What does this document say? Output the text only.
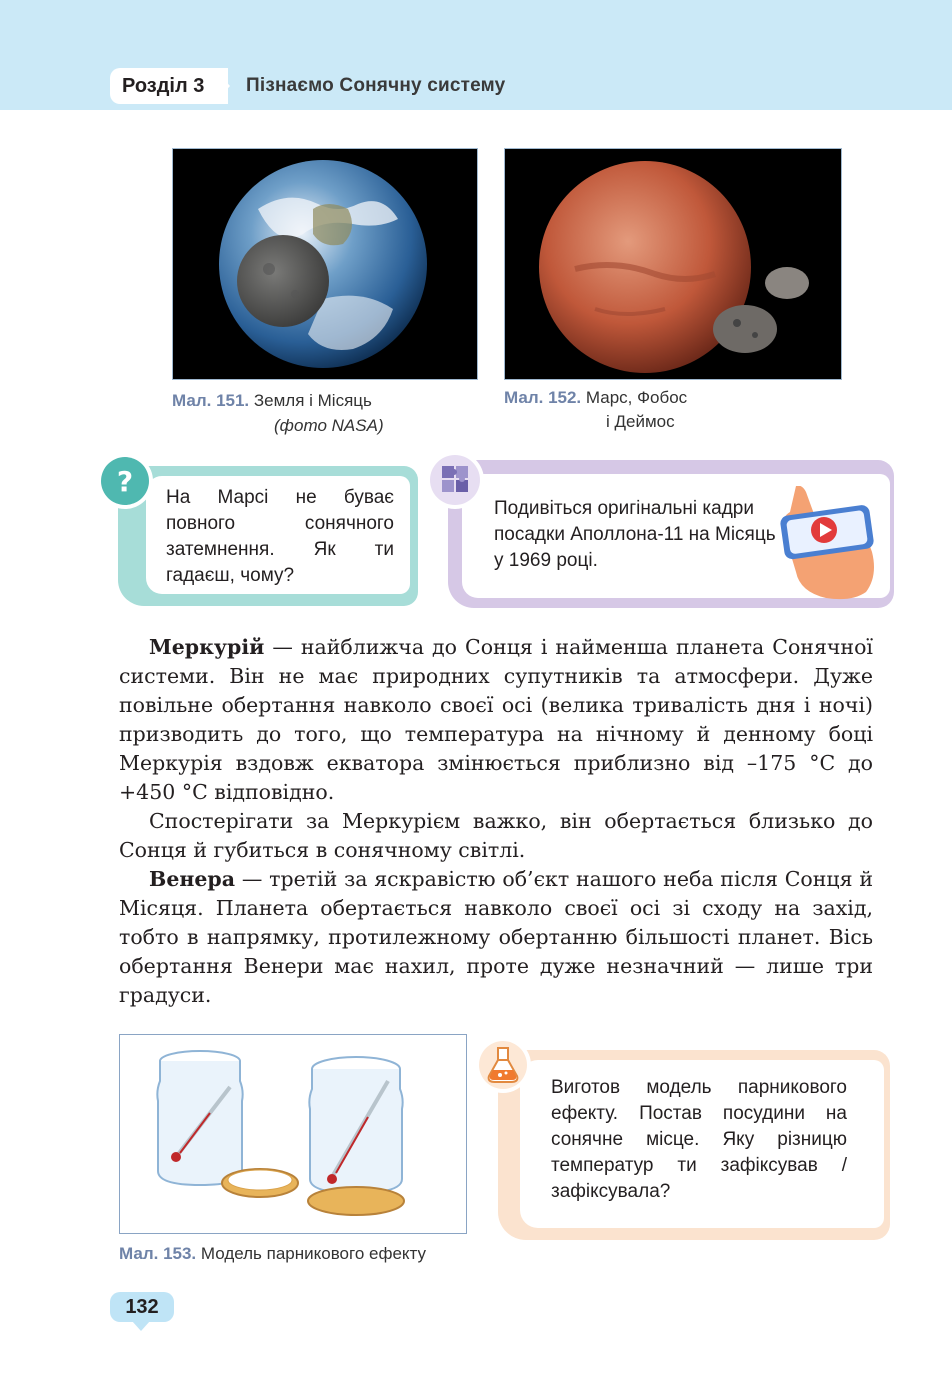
Розділ 3	Пізнаємо Сонячну систему
Мал. 151. Земля і Місяць
(фото NASA)
Мал. 152. Марс, Фобос
і Деймос
? На Марсі не буває повного сонячного затемнення. Як ти гадаєш, чому?
Подивіться оригінальні кадри посадки Аполлона-11 на Місяць у 1969 році.
Меркурій — найближча до Сонця і найменша планета Сонячної системи. Він не має природних супутників та атмосфери. Дуже повільне обертання навколо своєї осі (велика тривалість дня і ночі) призводить до того, що температура на нічному й денному боці Меркурія вздовж екватора змінюється приблизно від –175 °С до +450 °С відповідно.
Спостерігати за Меркурієм важко, він обертається близько до Сонця й губиться в сонячному світлі.
Венера — третій за яскравістю об’єкт нашого неба після Сонця й Місяця. Планета обертається навколо своєї осі зі сходу на захід, тобто в напрямку, протилежному обертанню більшості планет. Вісь обертання Венери має нахил, проте дуже незначний — лише три градуси.
Мал. 153. Модель парникового ефекту
Виготов модель парникового ефекту. Постав посудини на сонячне місце. Яку різницю температур ти зафіксував / зафіксувала?
132
